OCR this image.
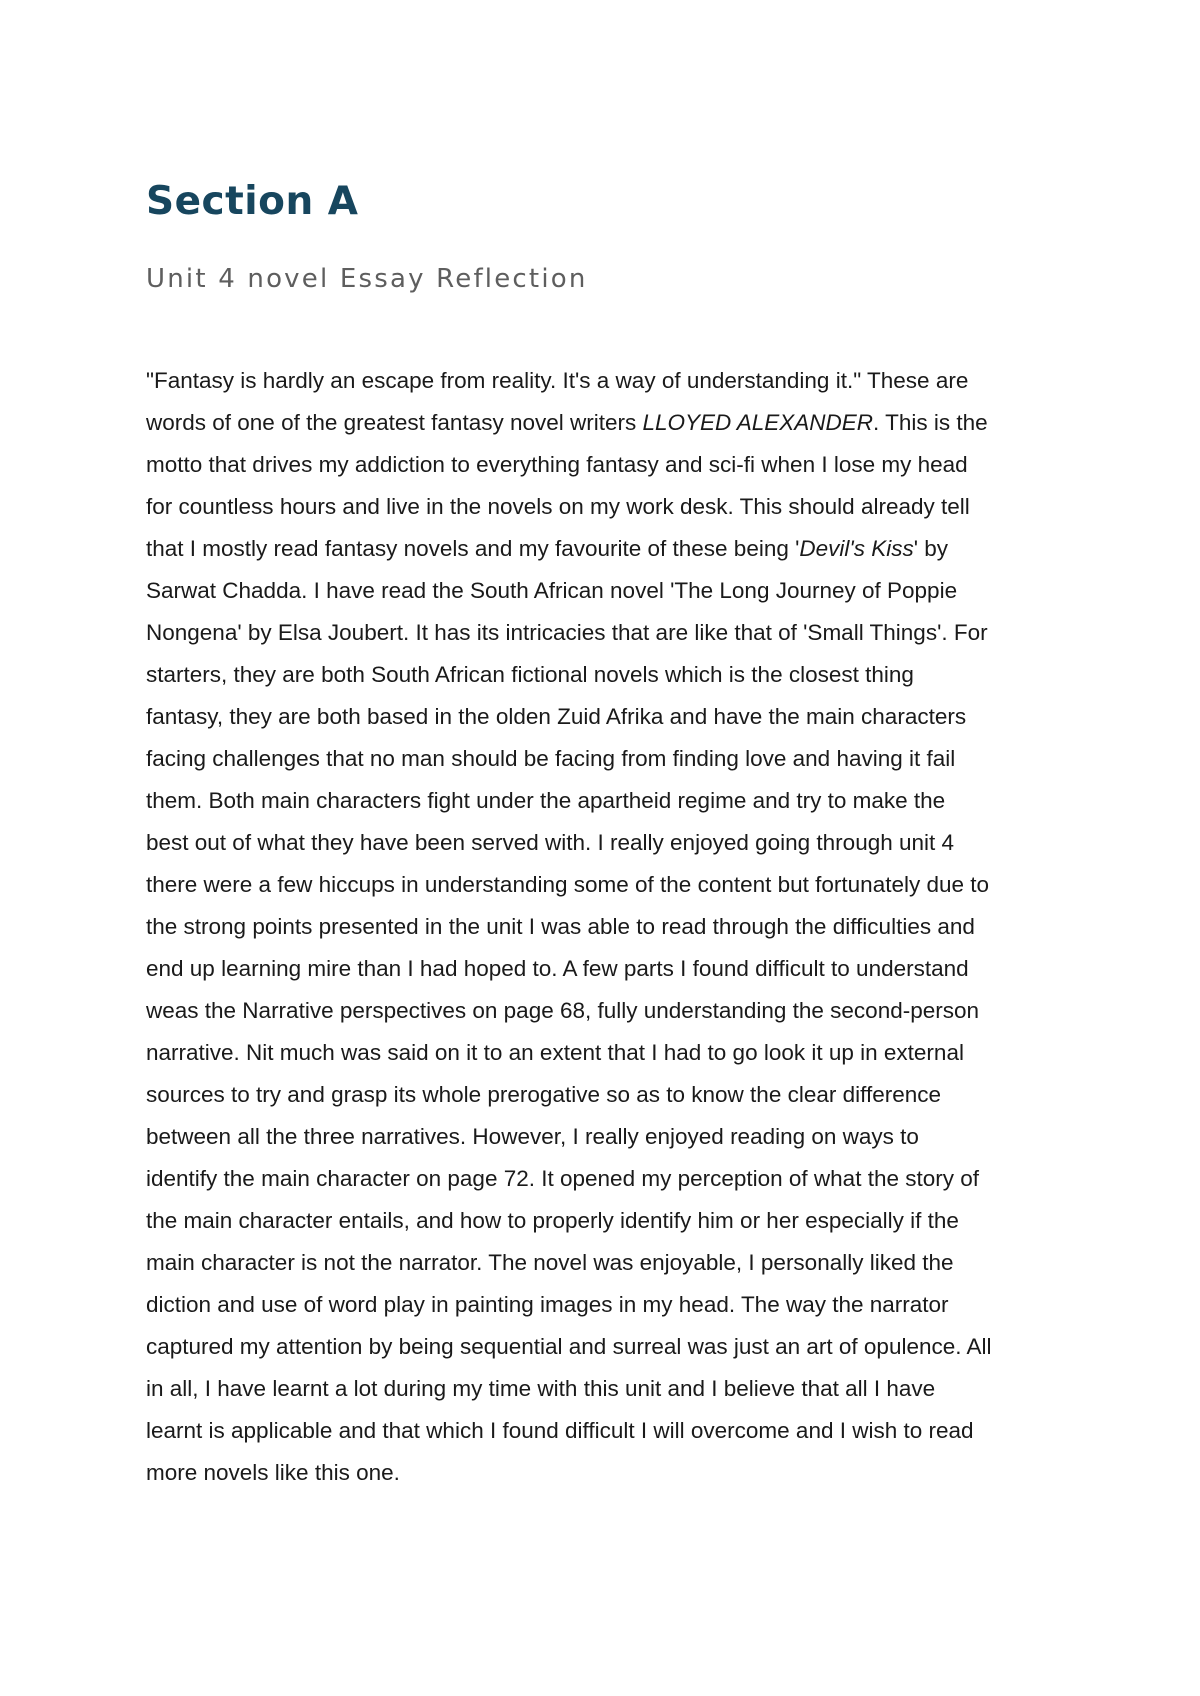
Section A
Unit 4 novel Essay Reflection
"Fantasy is hardly an escape from reality. It's a way of understanding it." These are
words of one of the greatest fantasy novel writers LLOYED ALEXANDER. This is the
motto that drives my addiction to everything fantasy and sci-fi when I lose my head
for countless hours and live in the novels on my work desk. This should already tell
that I mostly read fantasy novels and my favourite of these being 'Devil's Kiss' by
Sarwat Chadda. I have read the South African novel 'The Long Journey of Poppie
Nongena' by Elsa Joubert. It has its intricacies that are like that of 'Small Things'. For
starters, they are both South African fictional novels which is the closest thing
fantasy, they are both based in the olden Zuid Afrika and have the main characters
facing challenges that no man should be facing from finding love and having it fail
them. Both main characters fight under the apartheid regime and try to make the
best out of what they have been served with. I really enjoyed going through unit 4
there were a few hiccups in understanding some of the content but fortunately due to
the strong points presented in the unit I was able to read through the difficulties and
end up learning mire than I had hoped to. A few parts I found difficult to understand
weas the Narrative perspectives on page 68, fully understanding the second-person
narrative. Nit much was said on it to an extent that I had to go look it up in external
sources to try and grasp its whole prerogative so as to know the clear difference
between all the three narratives. However, I really enjoyed reading on ways to
identify the main character on page 72. It opened my perception of what the story of
the main character entails, and how to properly identify him or her especially if the
main character is not the narrator. The novel was enjoyable, I personally liked the
diction and use of word play in painting images in my head. The way the narrator
captured my attention by being sequential and surreal was just an art of opulence. All
in all, I have learnt a lot during my time with this unit and I believe that all I have
learnt is applicable and that which I found difficult I will overcome and I wish to read
more novels like this one.
